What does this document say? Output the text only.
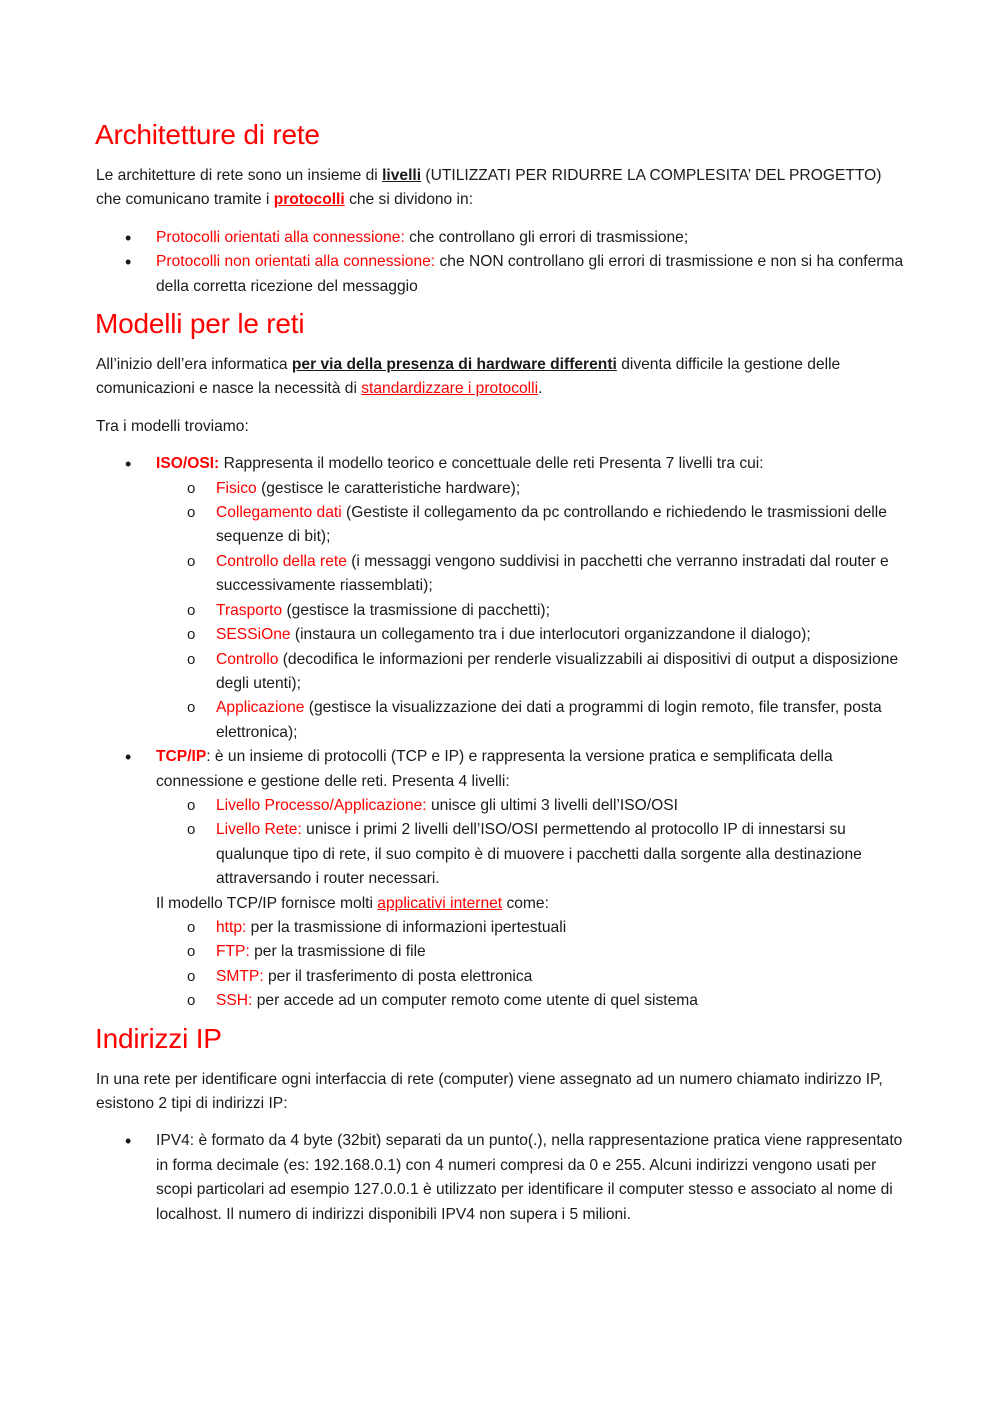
Architetture di rete

Le architetture di rete sono un insieme di livelli (UTILIZZATI PER RIDURRE LA COMPLESITA’ DEL PROGETTO) che comunicano tramite i protocolli che si dividono in:

• Protocolli orientati alla connessione: che controllano gli errori di trasmissione;
• Protocolli non orientati alla connessione: che NON controllano gli errori di trasmissione e non si ha conferma della corretta ricezione del messaggio
Modelli per le reti

All’inizio dell’era informatica per via della presenza di hardware differenti diventa difficile la gestione delle comunicazioni e nasce la necessità di standardizzare i protocolli.

Tra i modelli troviamo:

• ISO/OSI: Rappresenta il modello teorico e concettuale delle reti Presenta 7 livelli tra cui:
o Fisico (gestisce le caratteristiche hardware);
o Collegamento dati (Gestiste il collegamento da pc controllando e richiedendo le trasmissioni delle sequenze di bit);
o Controllo della rete (i messaggi vengono suddivisi in pacchetti che verranno instradati dal router e successivamente riassemblati);
o Trasporto (gestisce la trasmissione di pacchetti);
o SESSiOne (instaura un collegamento tra i due interlocutori organizzandone il dialogo);
o Controllo (decodifica le informazioni per renderle visualizzabili ai dispositivi di output a disposizione degli utenti);
o Applicazione (gestisce la visualizzazione dei dati a programmi di login remoto, file transfer, posta elettronica);
• TCP/IP: è un insieme di protocolli (TCP e IP) e rappresenta la versione pratica e semplificata della connessione e gestione delle reti. Presenta 4 livelli:
o Livello Processo/Applicazione: unisce gli ultimi 3 livelli dell’ISO/OSI
o Livello Rete: unisce i primi 2 livelli dell’ISO/OSI permettendo al protocollo IP di innestarsi su qualunque tipo di rete, il suo compito è di muovere i pacchetti dalla sorgente alla destinazione attraversando i router necessari.
Il modello TCP/IP fornisce molti applicativi internet come:
o http: per la trasmissione di informazioni ipertestuali
o FTP: per la trasmissione di file
o SMTP: per il trasferimento di posta elettronica
o SSH: per accede ad un computer remoto come utente di quel sistema
Indirizzi IP

In una rete per identificare ogni interfaccia di rete (computer) viene assegnato ad un numero chiamato indirizzo IP, esistono 2 tipi di indirizzi IP:

• IPV4: è formato da 4 byte (32bit) separati da un punto(.), nella rappresentazione pratica viene rappresentato in forma decimale (es: 192.168.0.1) con 4 numeri compresi da 0 e 255. Alcuni indirizzi vengono usati per scopi particolari ad esempio 127.0.0.1 è utilizzato per identificare il computer stesso e associato al nome di localhost. Il numero di indirizzi disponibili IPV4 non supera i 5 milioni.
